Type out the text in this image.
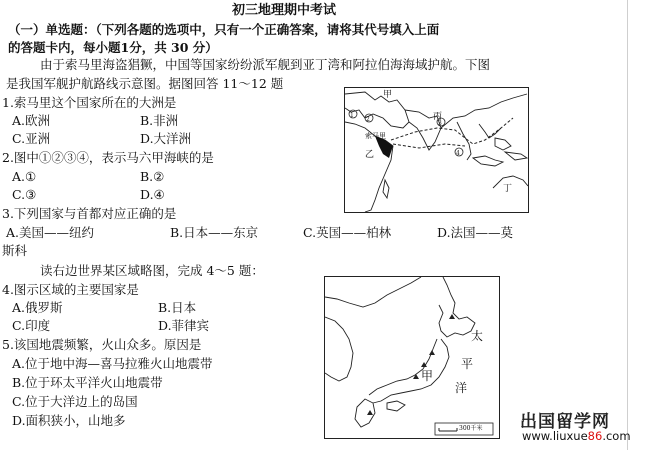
初三地理期中考试
（一）单选题：（下列各题的选项中，只有一个正确答案，请将其代号填入上面
的答题卡内，每小题1分，共 30 分）
由于索马里海盗猖獗，中国等国家纷纷派军舰到亚丁湾和阿拉伯海海域护航。下图
是我国军舰护航路线示意图。据图回答 11～12 题
1.索马里这个国家所在的大洲是
A.欧洲	B.非洲
C.亚洲	D.大洋洲
2.图中①②③④，表示马六甲海峡的是
A.①	B.②
C.③	D.④
3.下列国家与首都对应正确的是
A.美国——纽约	B.日本——东京	C.英国——柏林	D.法国——莫
斯科
读右边世界某区域略图，完成 4～5 题：
4.图示区域的主要国家是
A.俄罗斯	B.日本
C.印度	D.菲律宾
5.该国地震频繁，火山众多。原因是
A.位于地中海—喜马拉雅火山地震带
B.位于环太平洋火山地震带
C.位于大洋边上的岛国
D.面积狭小，山地多
1
2
3
4
甲
索马里
乙
丙
丁
太
平
洋
甲
300千米 出国留学网
www.liuxue86.com
